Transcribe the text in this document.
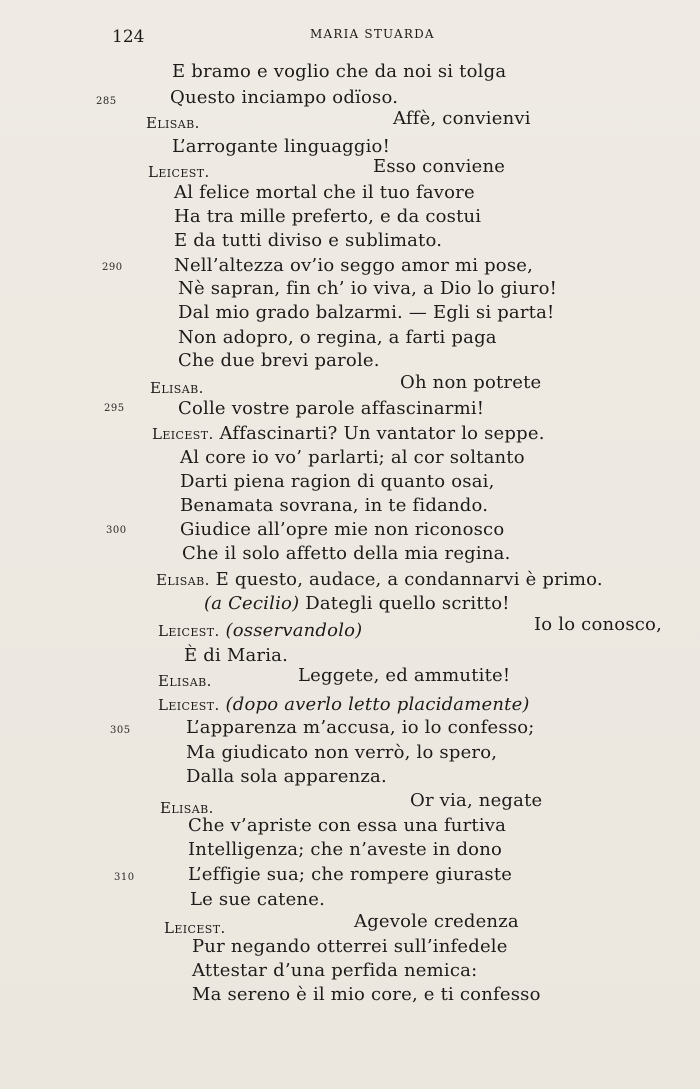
124	MARIA STUARDA
285
290
295
300
305
310
E bramo e voglio che da noi si tolga
Questo inciampo odïoso.
Elisab.	Affè, convienvi
L’arrogante linguaggio!
Leicest.	Esso conviene
Al felice mortal che il tuo favore
Ha tra mille preferto, e da costui
E da tutti diviso e sublimato.
Nell’altezza ov’io seggo amor mi pose,
Nè sapran, fin ch’ io viva, a Dio lo giuro!
Dal mio grado balzarmi. — Egli si parta!
Non adopro, o regina, a farti paga
Che due brevi parole.
Elisab.	Oh non potrete
Colle vostre parole affascinarmi!
Leicest. Affascinarti? Un vantator lo seppe.
Al core io vo’ parlarti; al cor soltanto
Darti piena ragion di quanto osai,
Benamata sovrana, in te fidando.
Giudice all’opre mie non riconosco
Che il solo affetto della mia regina.
Elisab. E questo, audace, a condannarvi è primo.
(a Cecilio) Dategli quello scritto!
Leicest. (osservandolo)	Io lo conosco,
È di Maria.
Elisab.	Leggete, ed ammutite!
Leicest. (dopo averlo letto placidamente)
L’apparenza m’accusa, io lo confesso;
Ma giudicato non verrò, lo spero,
Dalla sola apparenza.
Elisab.	Or via, negate
Che v’apriste con essa una furtiva
Intelligenza; che n’aveste in dono
L’effigie sua; che rompere giuraste
Le sue catene.
Leicest.	Agevole credenza
Pur negando otterrei sull’infedele
Attestar d’una perfida nemica:
Ma sereno è il mio core, e ti confesso
